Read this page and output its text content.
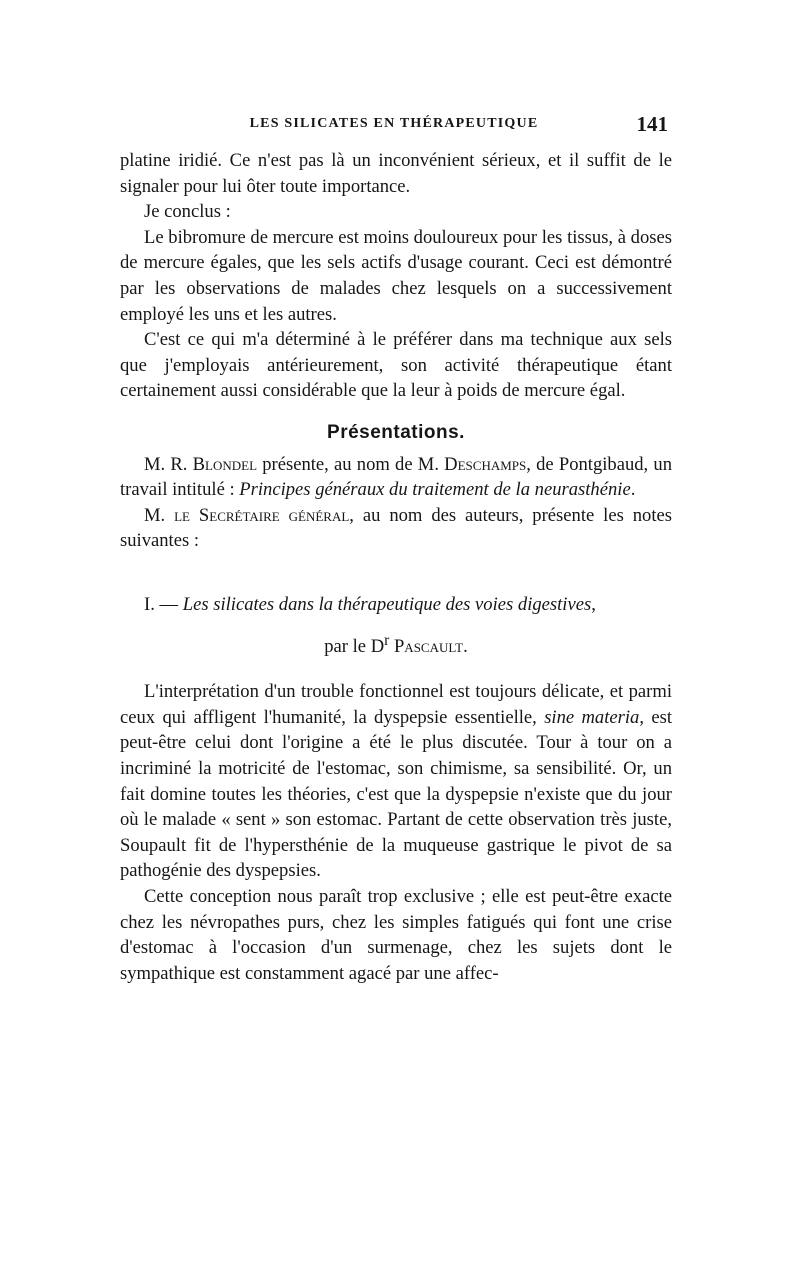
LES SILICATES EN THÉRAPEUTIQUE	141

platine iridié. Ce n'est pas là un inconvénient sérieux, et il suffit de le signaler pour lui ôter toute importance.

Je conclus :

Le bibromure de mercure est moins douloureux pour les tissus, à doses de mercure égales, que les sels actifs d'usage courant. Ceci est démontré par les observations de malades chez lesquels on a successivement employé les uns et les autres.

C'est ce qui m'a déterminé à le préférer dans ma technique aux sels que j'employais antérieurement, son activité thérapeutique étant certainement aussi considérable que la leur à poids de mercure égal.

Présentations.

M. R. Blondel présente, au nom de M. Deschamps, de Pontgibaud, un travail intitulé : Principes généraux du traitement de la neurasthénie.

M. le Secrétaire général, au nom des auteurs, présente les notes suivantes :

I. — Les silicates dans la thérapeutique des voies digestives,

par le $D^r$ Pascault.

L'interprétation d'un trouble fonctionnel est toujours délicate, et parmi ceux qui affligent l'humanité, la dyspepsie essentielle, sine materia, est peut-être celui dont l'origine a été le plus discutée. Tour à tour on a incriminé la motricité de l'estomac, son chimisme, sa sensibilité. Or, un fait domine toutes les théories, c'est que la dyspepsie n'existe que du jour où le malade « sent » son estomac. Partant de cette observation très juste, Soupault fit de l'hypersthénie de la muqueuse gastrique le pivot de sa pathogénie des dyspepsies.

Cette conception nous paraît trop exclusive ; elle est peut-être exacte chez les névropathes purs, chez les simples fatigués qui font une crise d'estomac à l'occasion d'un surmenage, chez les sujets dont le sympathique est constamment agacé par une affec-
